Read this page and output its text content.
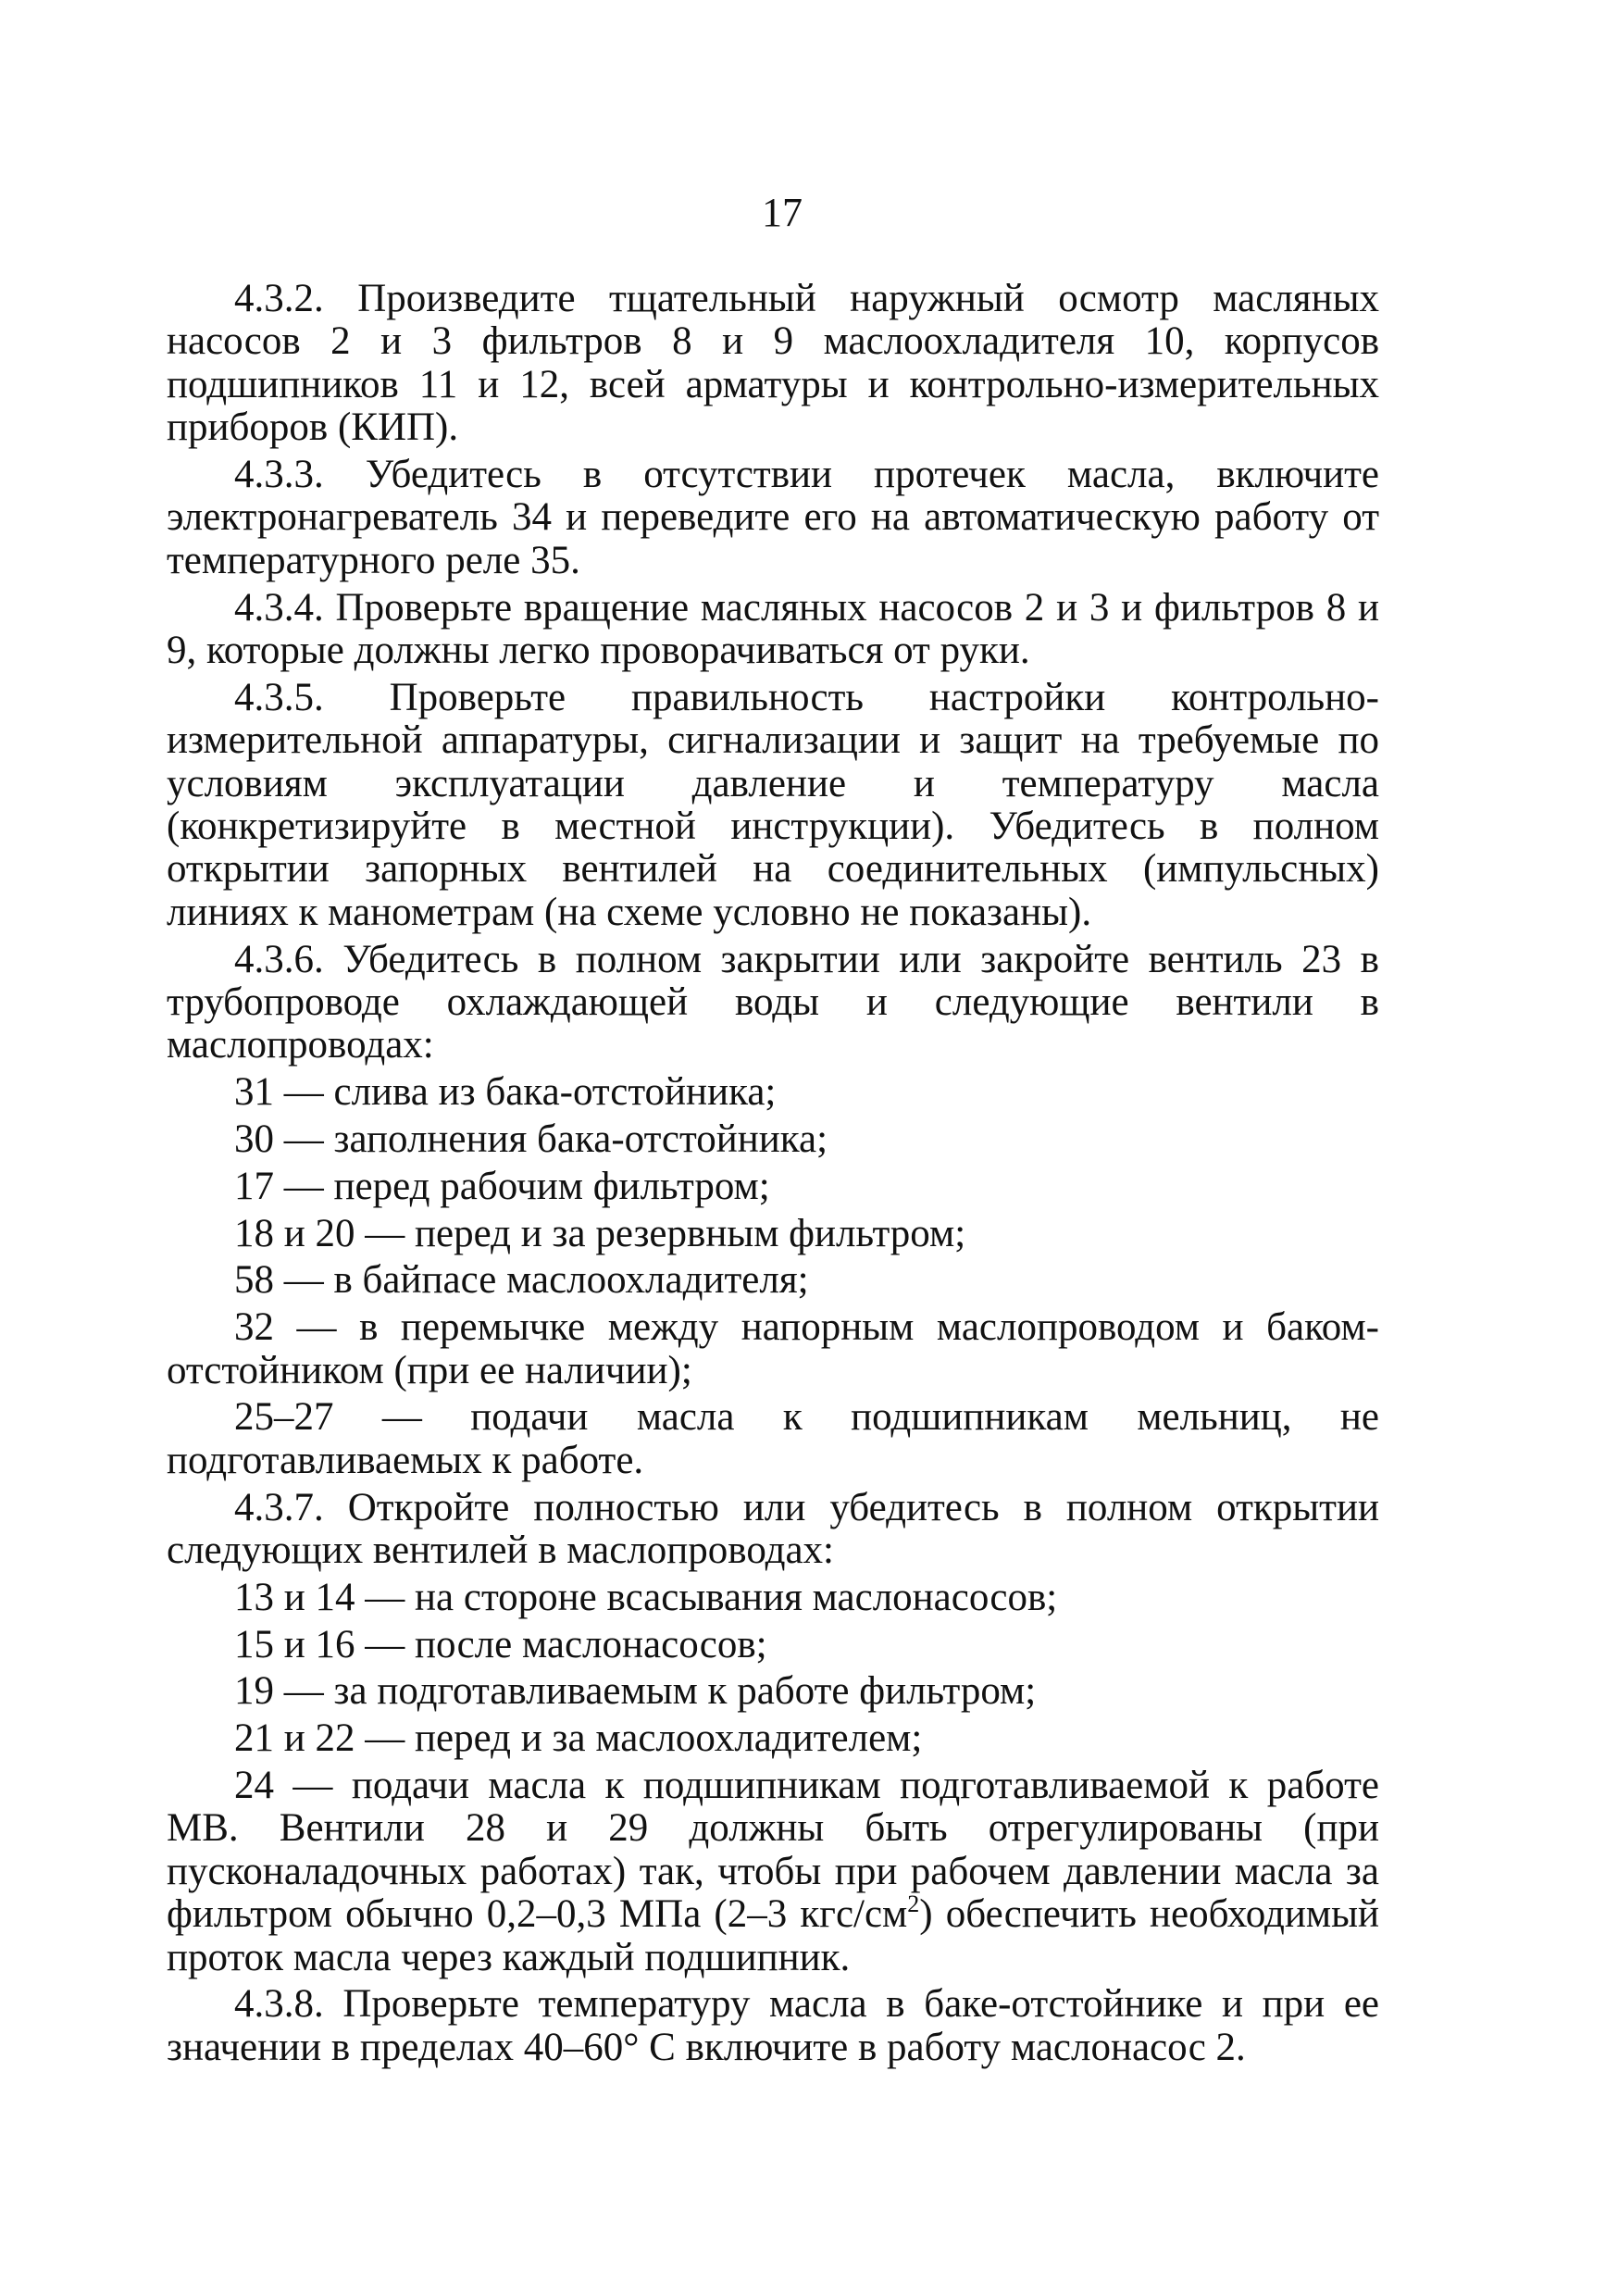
17

4.3.2. Произведите тщательный наружный осмотр масляных насосов 2 и 3 фильтров 8 и 9 маслоохладителя 10, корпусов подшипников 11 и 12, всей арматуры и контрольно-измерительных приборов (КИП).

4.3.3. Убедитесь в отсутствии протечек масла, включите электронагреватель 34 и переведите его на автоматическую работу от температурного реле 35.

4.3.4. Проверьте вращение масляных насосов 2 и 3 и фильтров 8 и 9, которые должны легко проворачиваться от руки.

4.3.5. Проверьте правильность настройки контрольно-измерительной аппаратуры, сигнализации и защит на требуемые по условиям эксплуатации давление и температуру масла (конкретизируйте в местной инструкции). Убедитесь в полном открытии запорных вентилей на соединительных (импульсных) линиях к манометрам (на схеме условно не показаны).

4.3.6. Убедитесь в полном закрытии или закройте вентиль 23 в трубопроводе охлаждающей воды и следующие вентили в маслопроводах:

31 — слива из бака-отстойника;

30 — заполнения бака-отстойника;

17 — перед рабочим фильтром;

18 и 20 — перед и за резервным фильтром;

58 — в байпасе маслоохладителя;

32 — в перемычке между напорным маслопроводом и баком-отстойником (при ее наличии);

25–27 — подачи масла к подшипникам мельниц, не подготавливаемых к работе.

4.3.7. Откройте полностью или убедитесь в полном открытии следующих вентилей в маслопроводах:

13 и 14 — на стороне всасывания маслонасосов;

15 и 16 — после маслонасосов;

19 — за подготавливаемым к работе фильтром;

21 и 22 — перед и за маслоохладителем;

24 — подачи масла к подшипникам подготавливаемой к работе МВ. Вентили 28 и 29 должны быть отрегулированы (при пусконаладочных работах) так, чтобы при рабочем давлении масла за фильтром обычно 0,2–0,3 МПа (2–3 кгс/$см^2$) обеспечить необходимый проток масла через каждый подшипник.

4.3.8. Проверьте температуру масла в баке-отстойнике и при ее значении в пределах 40–60° С включите в работу маслонасос 2.
